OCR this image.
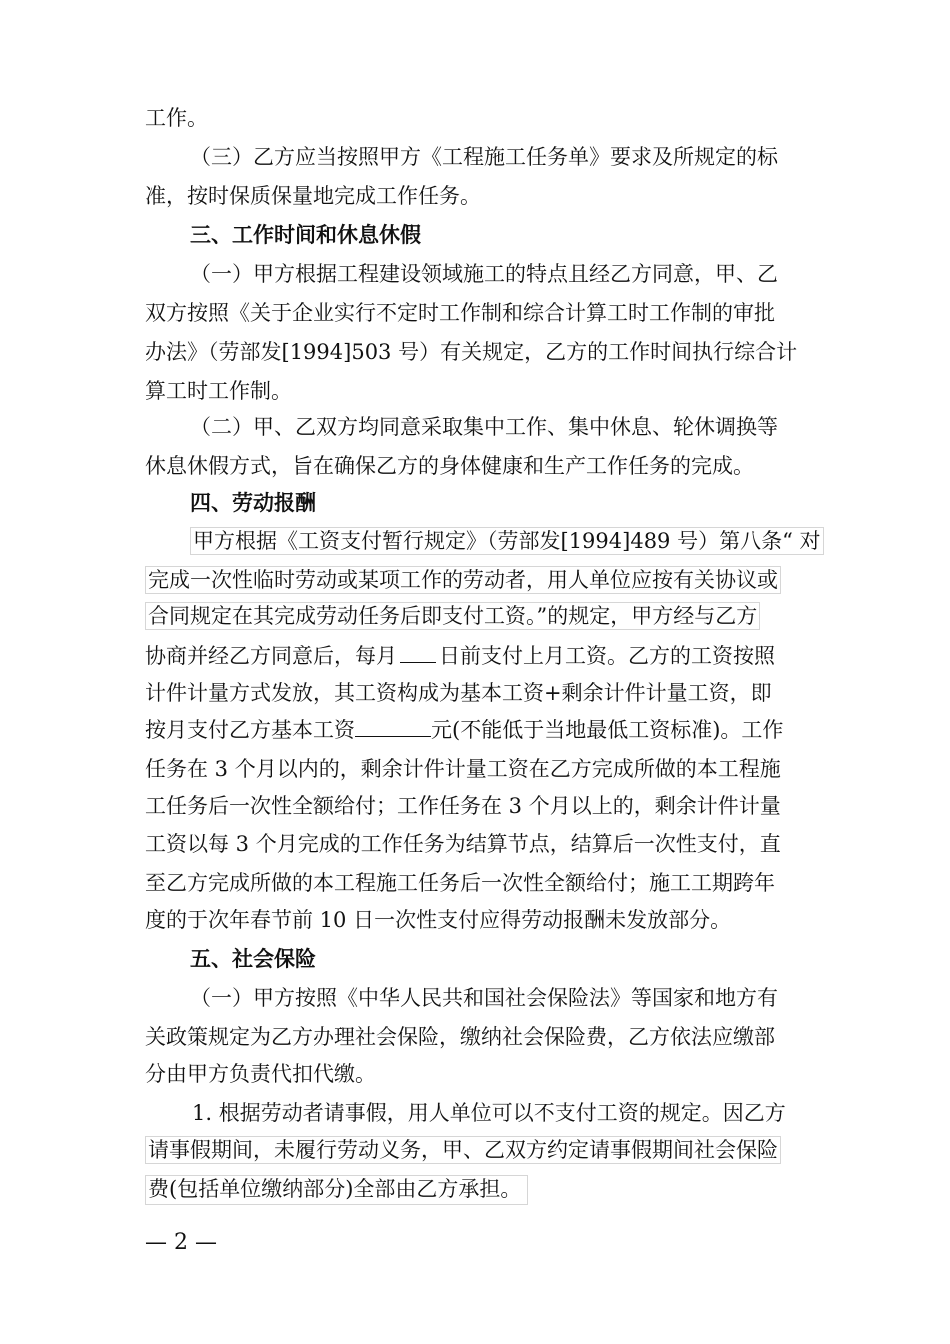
工作。
（三）乙方应当按照甲方《工程施工任务单》要求及所规定的标
准，按时保质保量地完成工作任务。
三、工作时间和休息休假
（一）甲方根据工程建设领域施工的特点且经乙方同意，甲、乙
双方按照《关于企业实行不定时工作制和综合计算工时工作制的审批
办法》（劳部发[1994]503 号）有关规定，乙方的工作时间执行综合计
算工时工作制。
（二）甲、乙双方均同意采取集中工作、集中休息、轮休调换等
休息休假方式，旨在确保乙方的身体健康和生产工作任务的完成。
四、劳动报酬
甲方根据《工资支付暂行规定》（劳部发[1994]489 号）第八条“ 对
完成一次性临时劳动或某项工作的劳动者，用人单位应按有关协议或
合同规定在其完成劳动任务后即支付工资。”的规定，甲方经与乙方
协商并经乙方同意后，每月 日前支付上月工资。乙方的工资按照
计件计量方式发放，其工资构成为基本工资+剩余计件计量工资，即
按月支付乙方基本工资	元(不能低于当地最低工资标准)。工作
任务在 3 个月以内的，剩余计件计量工资在乙方完成所做的本工程施
工任务后一次性全额给付；工作任务在 3 个月以上的，剩余计件计量
工资以每 3 个月完成的工作任务为结算节点，结算后一次性支付，直
至乙方完成所做的本工程施工任务后一次性全额给付；施工工期跨年
度的于次年春节前 10 日一次性支付应得劳动报酬未发放部分。
五、社会保险
（一）甲方按照《中华人民共和国社会保险法》等国家和地方有
关政策规定为乙方办理社会保险，缴纳社会保险费，乙方依法应缴部
分由甲方负责代扣代缴。
1. 根据劳动者请事假，用人单位可以不支付工资的规定。因乙方
请事假期间，未履行劳动义务，甲、乙双方约定请事假期间社会保险
费(包括单位缴纳部分)全部由乙方承担。
— 2 —
